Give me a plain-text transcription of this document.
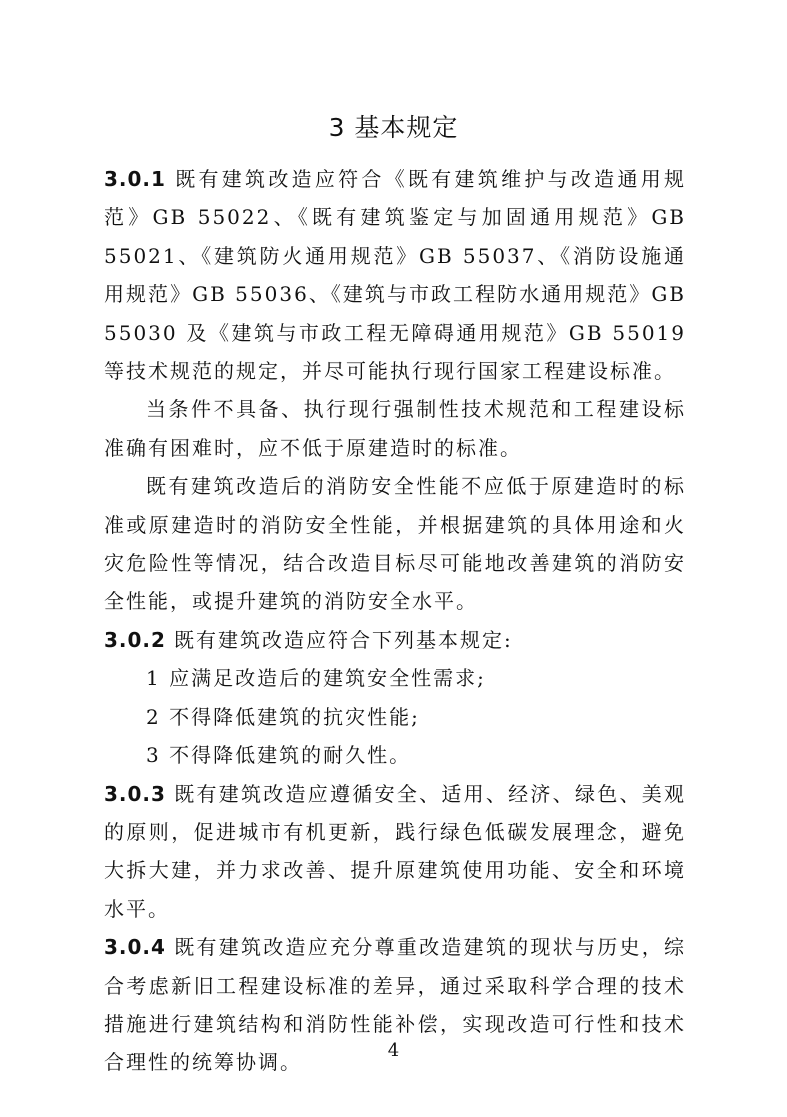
3 基本规定

3.0.1 既有建筑改造应符合《既有建筑维护与改造通用规范》GB 55022、《既有建筑鉴定与加固通用规范》GB 55021、《建筑防火通用规范》GB 55037、《消防设施通用规范》GB 55036、《建筑与市政工程防水通用规范》GB 55030 及《建筑与市政工程无障碍通用规范》GB 55019 等技术规范的规定，并尽可能执行现行国家工程建设标准。

当条件不具备、执行现行强制性技术规范和工程建设标准确有困难时，应不低于原建造时的标准。

既有建筑改造后的消防安全性能不应低于原建造时的标准或原建造时的消防安全性能，并根据建筑的具体用途和火灾危险性等情况，结合改造目标尽可能地改善建筑的消防安全性能，或提升建筑的消防安全水平。

3.0.2 既有建筑改造应符合下列基本规定:

1 应满足改造后的建筑安全性需求;

2 不得降低建筑的抗灾性能;

3 不得降低建筑的耐久性。

3.0.3 既有建筑改造应遵循安全、适用、经济、绿色、美观的原则，促进城市有机更新，践行绿色低碳发展理念，避免大拆大建，并力求改善、提升原建筑使用功能、安全和环境水平。

3.0.4 既有建筑改造应充分尊重改造建筑的现状与历史，综合考虑新旧工程建设标准的差异，通过采取科学合理的技术措施进行建筑结构和消防性能补偿，实现改造可行性和技术合理性的统筹协调。	4
